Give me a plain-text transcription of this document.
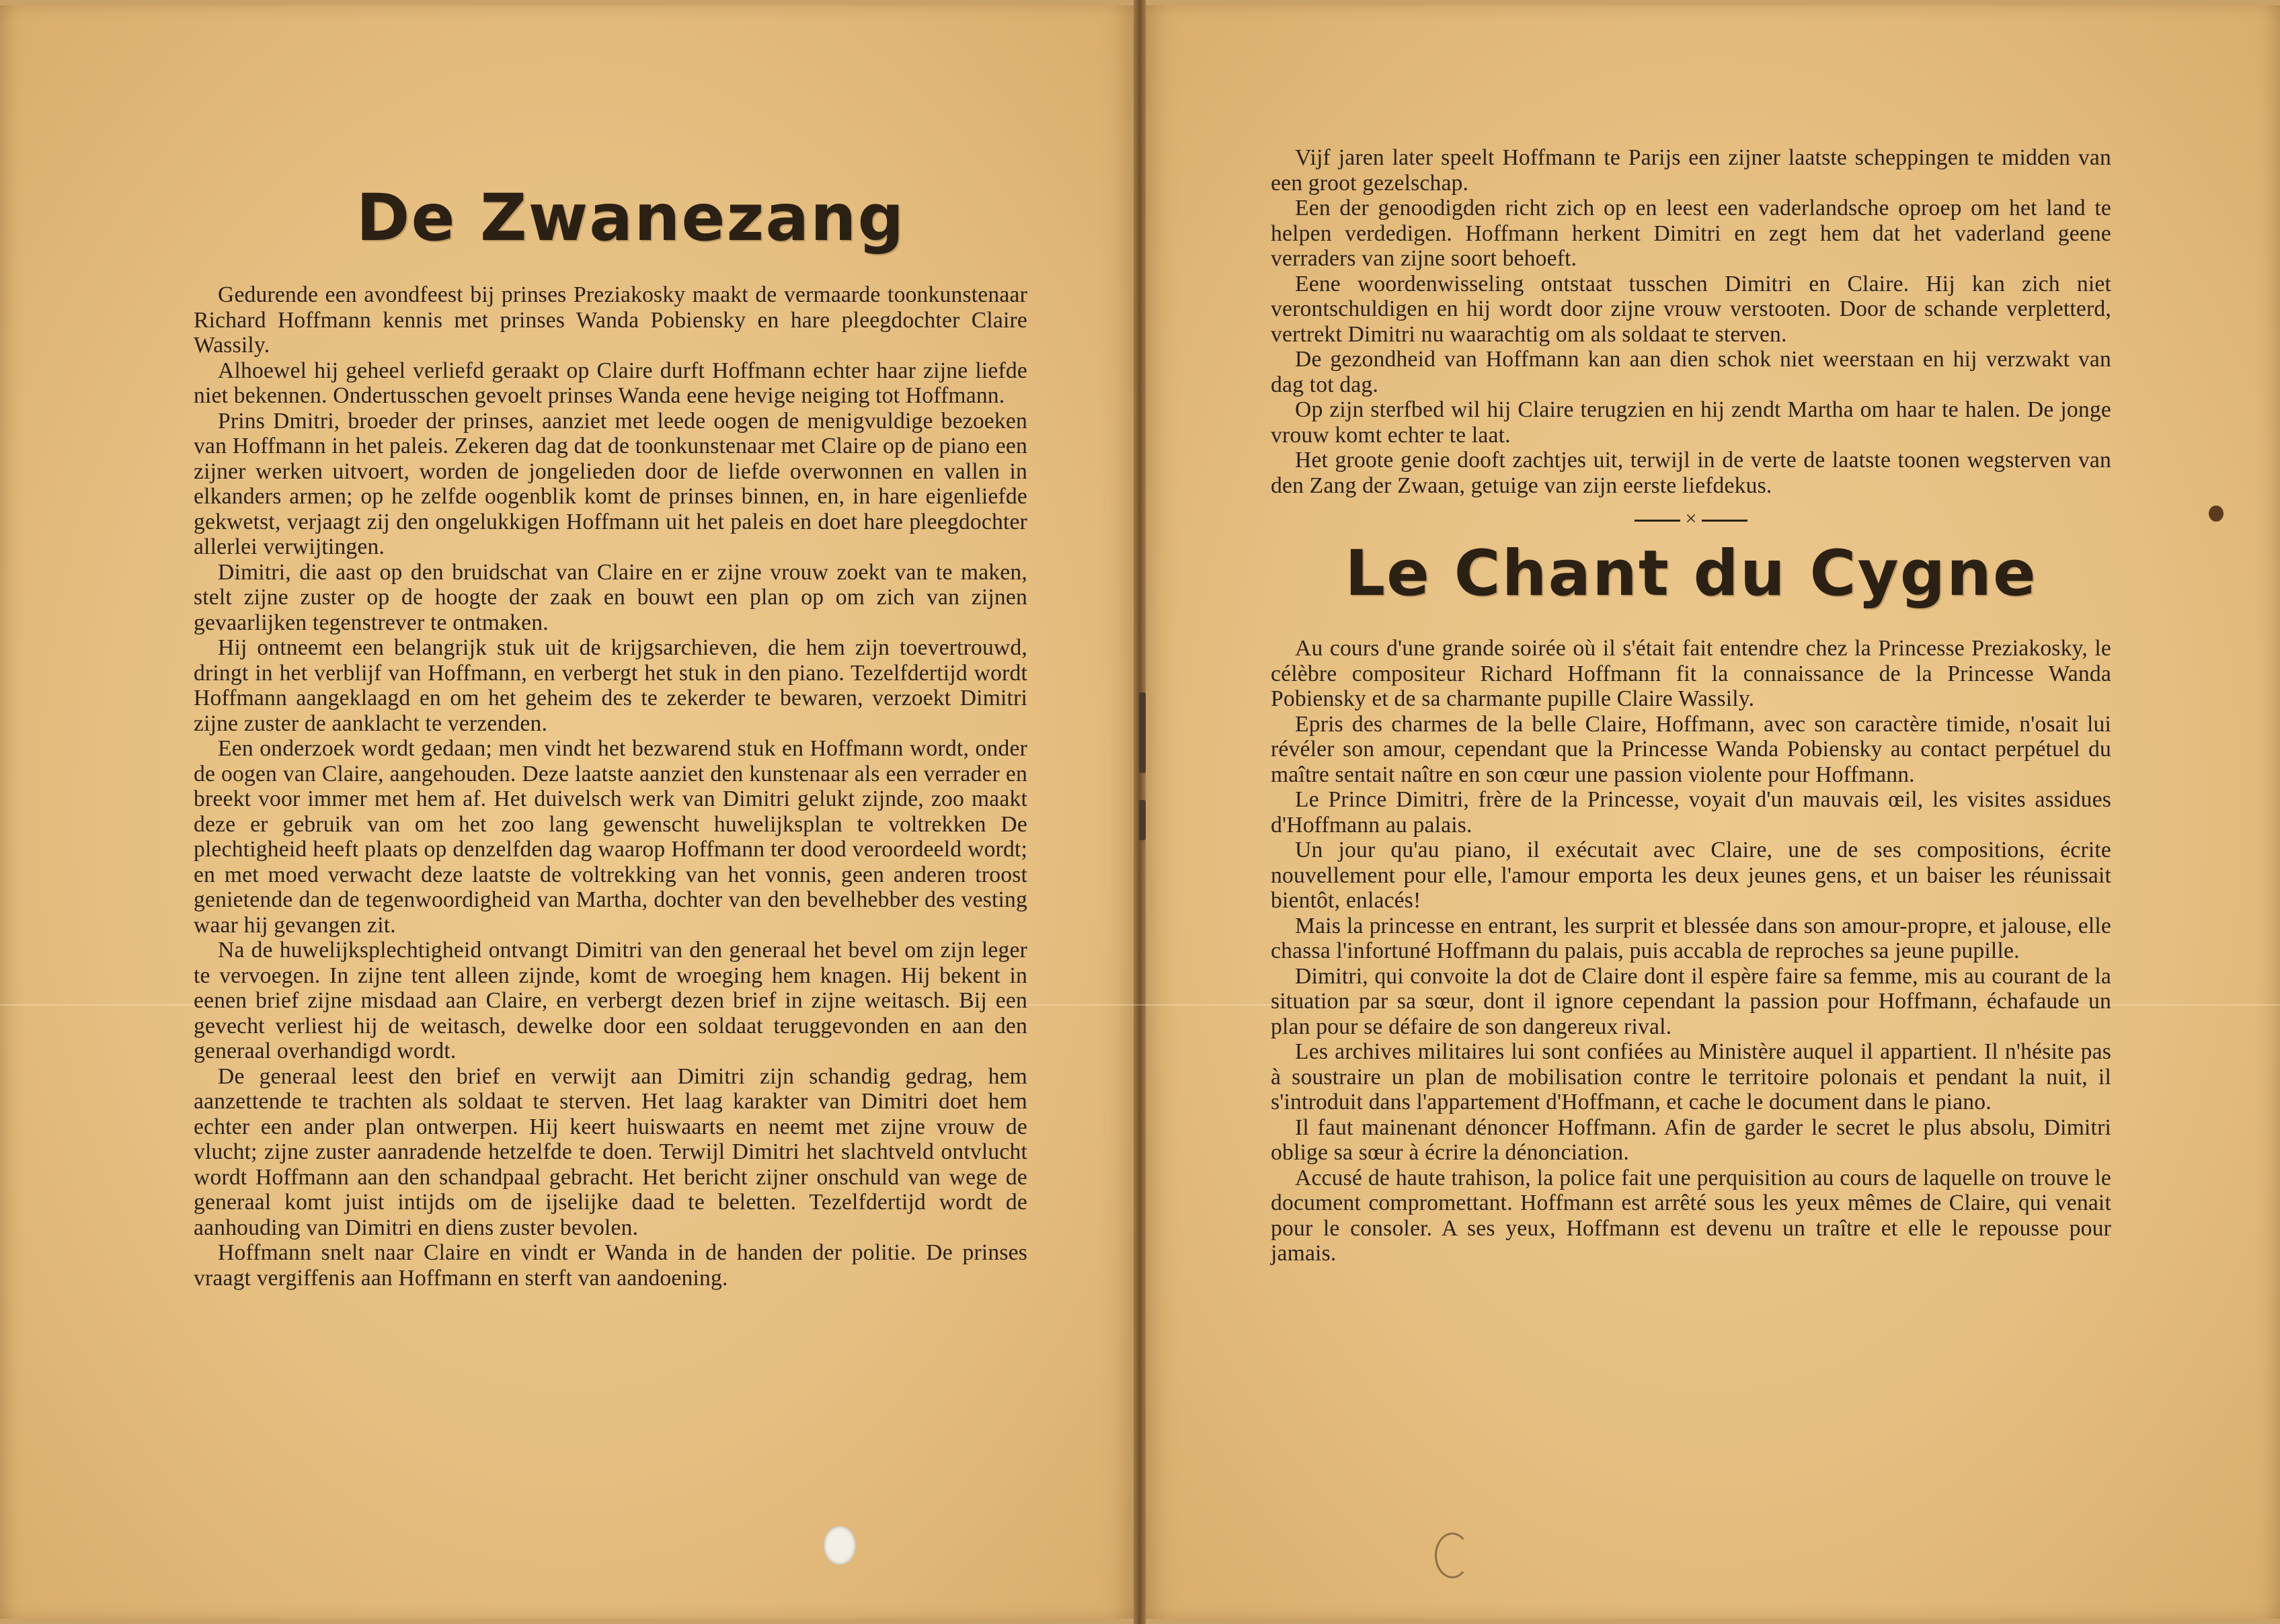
De Zwanezang

Gedurende een avondfeest bij prinses Preziakosky maakt de vermaarde toonkunstenaar Richard Hoffmann kennis met prinses Wanda Pobiensky en hare pleegdochter Claire Wassily.

Alhoewel hij geheel verliefd geraakt op Claire durft Hoffmann echter haar zijne liefde niet bekennen. Ondertusschen gevoelt prinses Wanda eene hevige neiging tot Hoffmann.

Prins Dmitri, broeder der prinses, aanziet met leede oogen de menigvuldige bezoeken van Hoffmann in het paleis. Zekeren dag dat de toonkunstenaar met Claire op de piano een zijner werken uitvoert, worden de jongelieden door de liefde overwonnen en vallen in elkanders armen; op he zelfde oogenblik komt de prinses binnen, en, in hare eigenliefde gekwetst, verjaagt zij den ongelukkigen Hoffmann uit het paleis en doet hare pleegdochter allerlei verwijtingen.

Dimitri, die aast op den bruidschat van Claire en er zijne vrouw zoekt van te maken, stelt zijne zuster op de hoogte der zaak en bouwt een plan op om zich van zijnen gevaarlijken tegenstrever te ontmaken.

Hij ontneemt een belangrijk stuk uit de krijgsarchieven, die hem zijn toevertrouwd, dringt in het verblijf van Hoffmann, en verbergt het stuk in den piano. Tezelfdertijd wordt Hoffmann aangeklaagd en om het geheim des te zekerder te bewaren, verzoekt Dimitri zijne zuster de aanklacht te verzenden.

Een onderzoek wordt gedaan; men vindt het bezwarend stuk en Hoffmann wordt, onder de oogen van Claire, aangehouden. Deze laatste aanziet den kunstenaar als een verrader en breekt voor immer met hem af. Het duivelsch werk van Dimitri gelukt zijnde, zoo maakt deze er gebruik van om het zoo lang gewenscht huwelijksplan te voltrekken De plechtigheid heeft plaats op denzelfden dag waarop Hoffmann ter dood veroordeeld wordt; en met moed verwacht deze laatste de voltrekking van het vonnis, geen anderen troost genietende dan de tegenwoordigheid van Martha, dochter van den bevelhebber des vesting waar hij gevangen zit.

Na de huwelijksplechtigheid ontvangt Dimitri van den generaal het bevel om zijn leger te vervoegen. In zijne tent alleen zijnde, komt de wroeging hem knagen. Hij bekent in eenen brief zijne misdaad aan Claire, en verbergt dezen brief in zijne weitasch. Bij een gevecht verliest hij de weitasch, dewelke door een soldaat teruggevonden en aan den generaal overhandigd wordt.

De generaal leest den brief en verwijt aan Dimitri zijn schandig gedrag, hem aanzettende te trachten als soldaat te sterven. Het laag karakter van Dimitri doet hem echter een ander plan ontwerpen. Hij keert huiswaarts en neemt met zijne vrouw de vlucht; zijne zuster aanradende hetzelfde te doen. Terwijl Dimitri het slachtveld ontvlucht wordt Hoffmann aan den schandpaal gebracht. Het bericht zijner onschuld van wege de generaal komt juist intijds om de ijselijke daad te beletten. Tezelfdertijd wordt de aanhouding van Dimitri en diens zuster bevolen.

Hoffmann snelt naar Claire en vindt er Wanda in de handen der politie. De prinses vraagt vergiffenis aan Hoffmann en sterft van aandoening.

Vijf jaren later speelt Hoffmann te Parijs een zijner laatste scheppingen te midden van een groot gezelschap.

Een der genoodigden richt zich op en leest een vaderlandsche oproep om het land te helpen verdedigen. Hoffmann herkent Dimitri en zegt hem dat het vaderland geene verraders van zijne soort behoeft.

Eene woordenwisseling ontstaat tusschen Dimitri en Claire. Hij kan zich niet verontschuldigen en hij wordt door zijne vrouw verstooten. Door de schande verpletterd, vertrekt Dimitri nu waarachtig om als soldaat te sterven.

De gezondheid van Hoffmann kan aan dien schok niet weerstaan en hij verzwakt van dag tot dag.

Op zijn sterfbed wil hij Claire terugzien en hij zendt Martha om haar te halen. De jonge vrouw komt echter te laat.

Het groote genie dooft zachtjes uit, terwijl in de verte de laatste toonen wegsterven van den Zang der Zwaan, getuige van zijn eerste liefdekus.

×
Le Chant du Cygne

Au cours d'une grande soirée où il s'était fait entendre chez la Princesse Preziakosky, le célèbre compositeur Richard Hoffmann fit la connaissance de la Princesse Wanda Pobiensky et de sa charmante pupille Claire Wassily.

Epris des charmes de la belle Claire, Hoffmann, avec son caractère timide, n'osait lui révéler son amour, cependant que la Princesse Wanda Pobiensky au contact perpétuel du maître sentait naître en son cœur une passion violente pour Hoffmann.

Le Prince Dimitri, frère de la Princesse, voyait d'un mauvais œil, les visites assidues d'Hoffmann au palais.

Un jour qu'au piano, il exécutait avec Claire, une de ses compositions, écrite nouvellement pour elle, l'amour emporta les deux jeunes gens, et un baiser les réunissait bientôt, enlacés!

Mais la princesse en entrant, les surprit et blessée dans son amour-propre, et jalouse, elle chassa l'infortuné Hoffmann du palais, puis accabla de reproches sa jeune pupille.

Dimitri, qui convoite la dot de Claire dont il espère faire sa femme, mis au courant de la situation par sa sœur, dont il ignore cependant la passion pour Hoffmann, échafaude un plan pour se défaire de son dangereux rival.

Les archives militaires lui sont confiées au Ministère auquel il appartient. Il n'hésite pas à soustraire un plan de mobilisation contre le territoire polonais et pendant la nuit, il s'introduit dans l'appartement d'Hoffmann, et cache le document dans le piano.

Il faut mainenant dénoncer Hoffmann. Afin de garder le secret le plus absolu, Dimitri oblige sa sœur à écrire la dénonciation.

Accusé de haute trahison, la police fait une perquisition au cours de laquelle on trouve le document compromettant. Hoffmann est arrêté sous les yeux mêmes de Claire, qui venait pour le consoler. A ses yeux, Hoffmann est devenu un traître et elle le repousse pour jamais.
